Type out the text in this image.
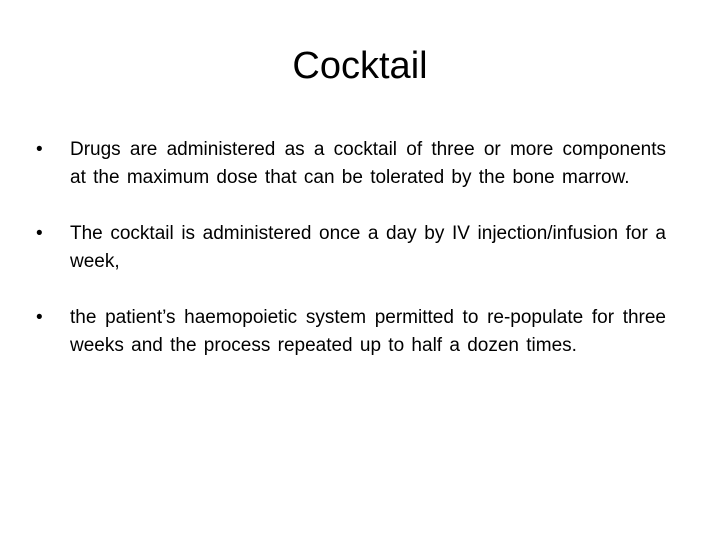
Cocktail
•	Drugs are administered as a cocktail of three or more components at the maximum dose that can be tolerated by the bone marrow.
•	The cocktail is administered once a day by IV injection/infusion for a week,
•	the patient’s haemopoietic system permitted to re-populate for three weeks and the process repeated up to half a dozen times.
